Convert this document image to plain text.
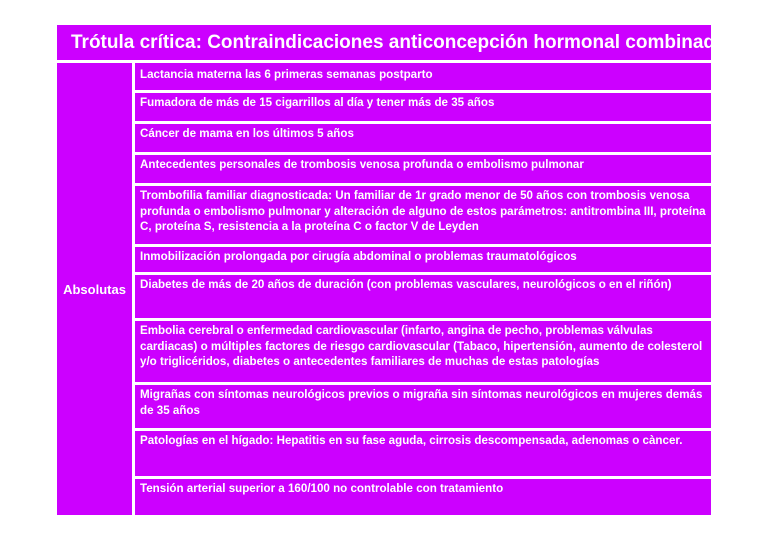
Trótula crítica: Contraindicaciones anticoncepción hormonal combinada
Absolutas
Lactancia materna las 6 primeras semanas postparto
Fumadora de más de 15 cigarrillos al día y tener más de 35 años
Cáncer de mama en los últimos 5 años
Antecedentes personales de trombosis venosa profunda o embolismo pulmonar
Trombofilia familiar diagnosticada: Un familiar de 1r grado menor de 50 años con trombosis venosa profunda o embolismo pulmonar y alteración de alguno de estos parámetros: antitrombina III, proteína C, proteína S, resistencia a la proteína C o factor V de Leyden
Inmobilización prolongada por cirugía abdominal o problemas traumatológicos
Diabetes de más de 20 años de duración (con problemas vasculares, neurológicos o en el riñón)
Embolia cerebral o enfermedad cardiovascular (infarto, angina de pecho, problemas válvulas cardiacas) o múltiples factores de riesgo cardiovascular (Tabaco, hipertensión, aumento de colesterol y/o triglicéridos, diabetes o antecedentes familiares de muchas de estas patologías
Migrañas con síntomas neurológicos previos o migraña sin síntomas neurológicos en mujeres demás de 35 años
Patologías en el hígado: Hepatitis en su fase aguda, cirrosis descompensada, adenomas o càncer.
Tensión arterial superior a 160/100 no controlable con tratamiento
